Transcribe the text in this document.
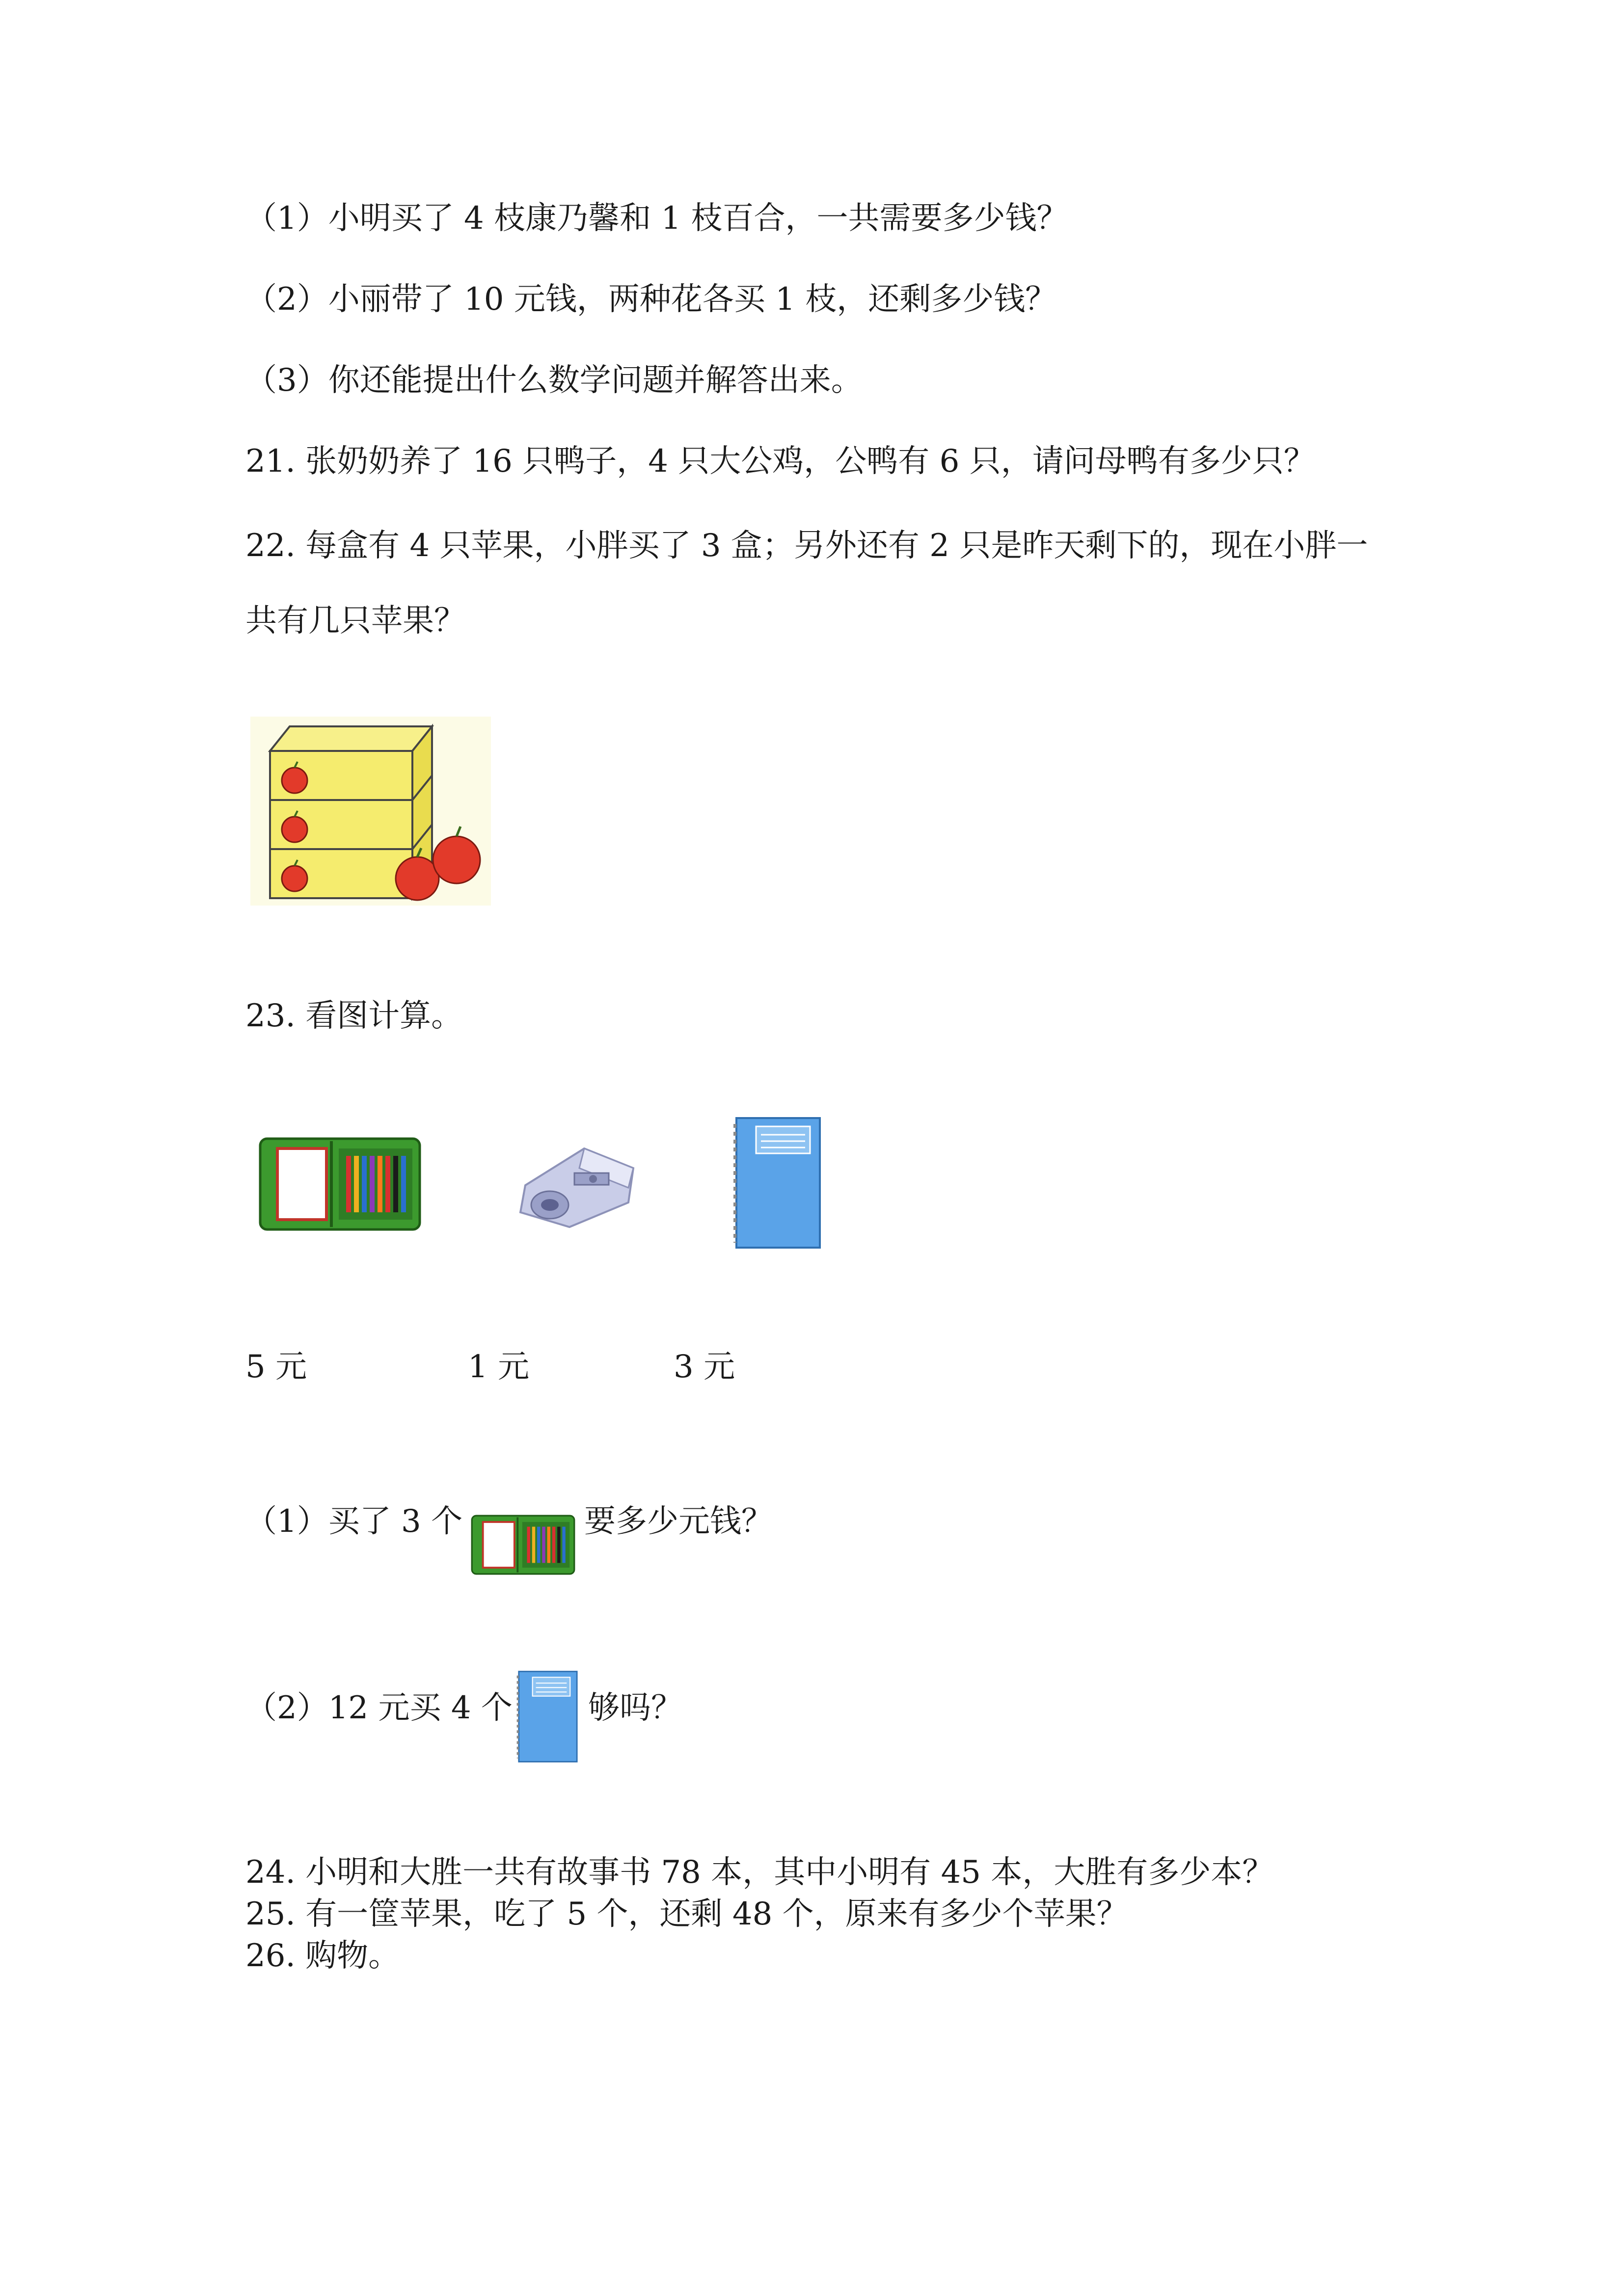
（1）小明买了 4 枝康乃馨和 1 枝百合，一共需要多少钱？
（2）小丽带了 10 元钱，两种花各买 1 枝，还剩多少钱？
（3）你还能提出什么数学问题并解答出来。
21. 张奶奶养了 16 只鸭子，4 只大公鸡，公鸭有 6 只，请问母鸭有多少只？
22. 每盒有 4 只苹果，小胖买了 3 盒；另外还有 2 只是昨天剩下的，现在小胖一
共有几只苹果？
23. 看图计算。
5 元	1 元	3 元
（1）买了 3 个	要多少元钱？
（2）12 元买 4 个 够吗？
24. 小明和大胜一共有故事书 78 本，其中小明有 45 本，大胜有多少本？
25. 有一筐苹果，吃了 5 个，还剩 48 个，原来有多少个苹果？
26. 购物。
